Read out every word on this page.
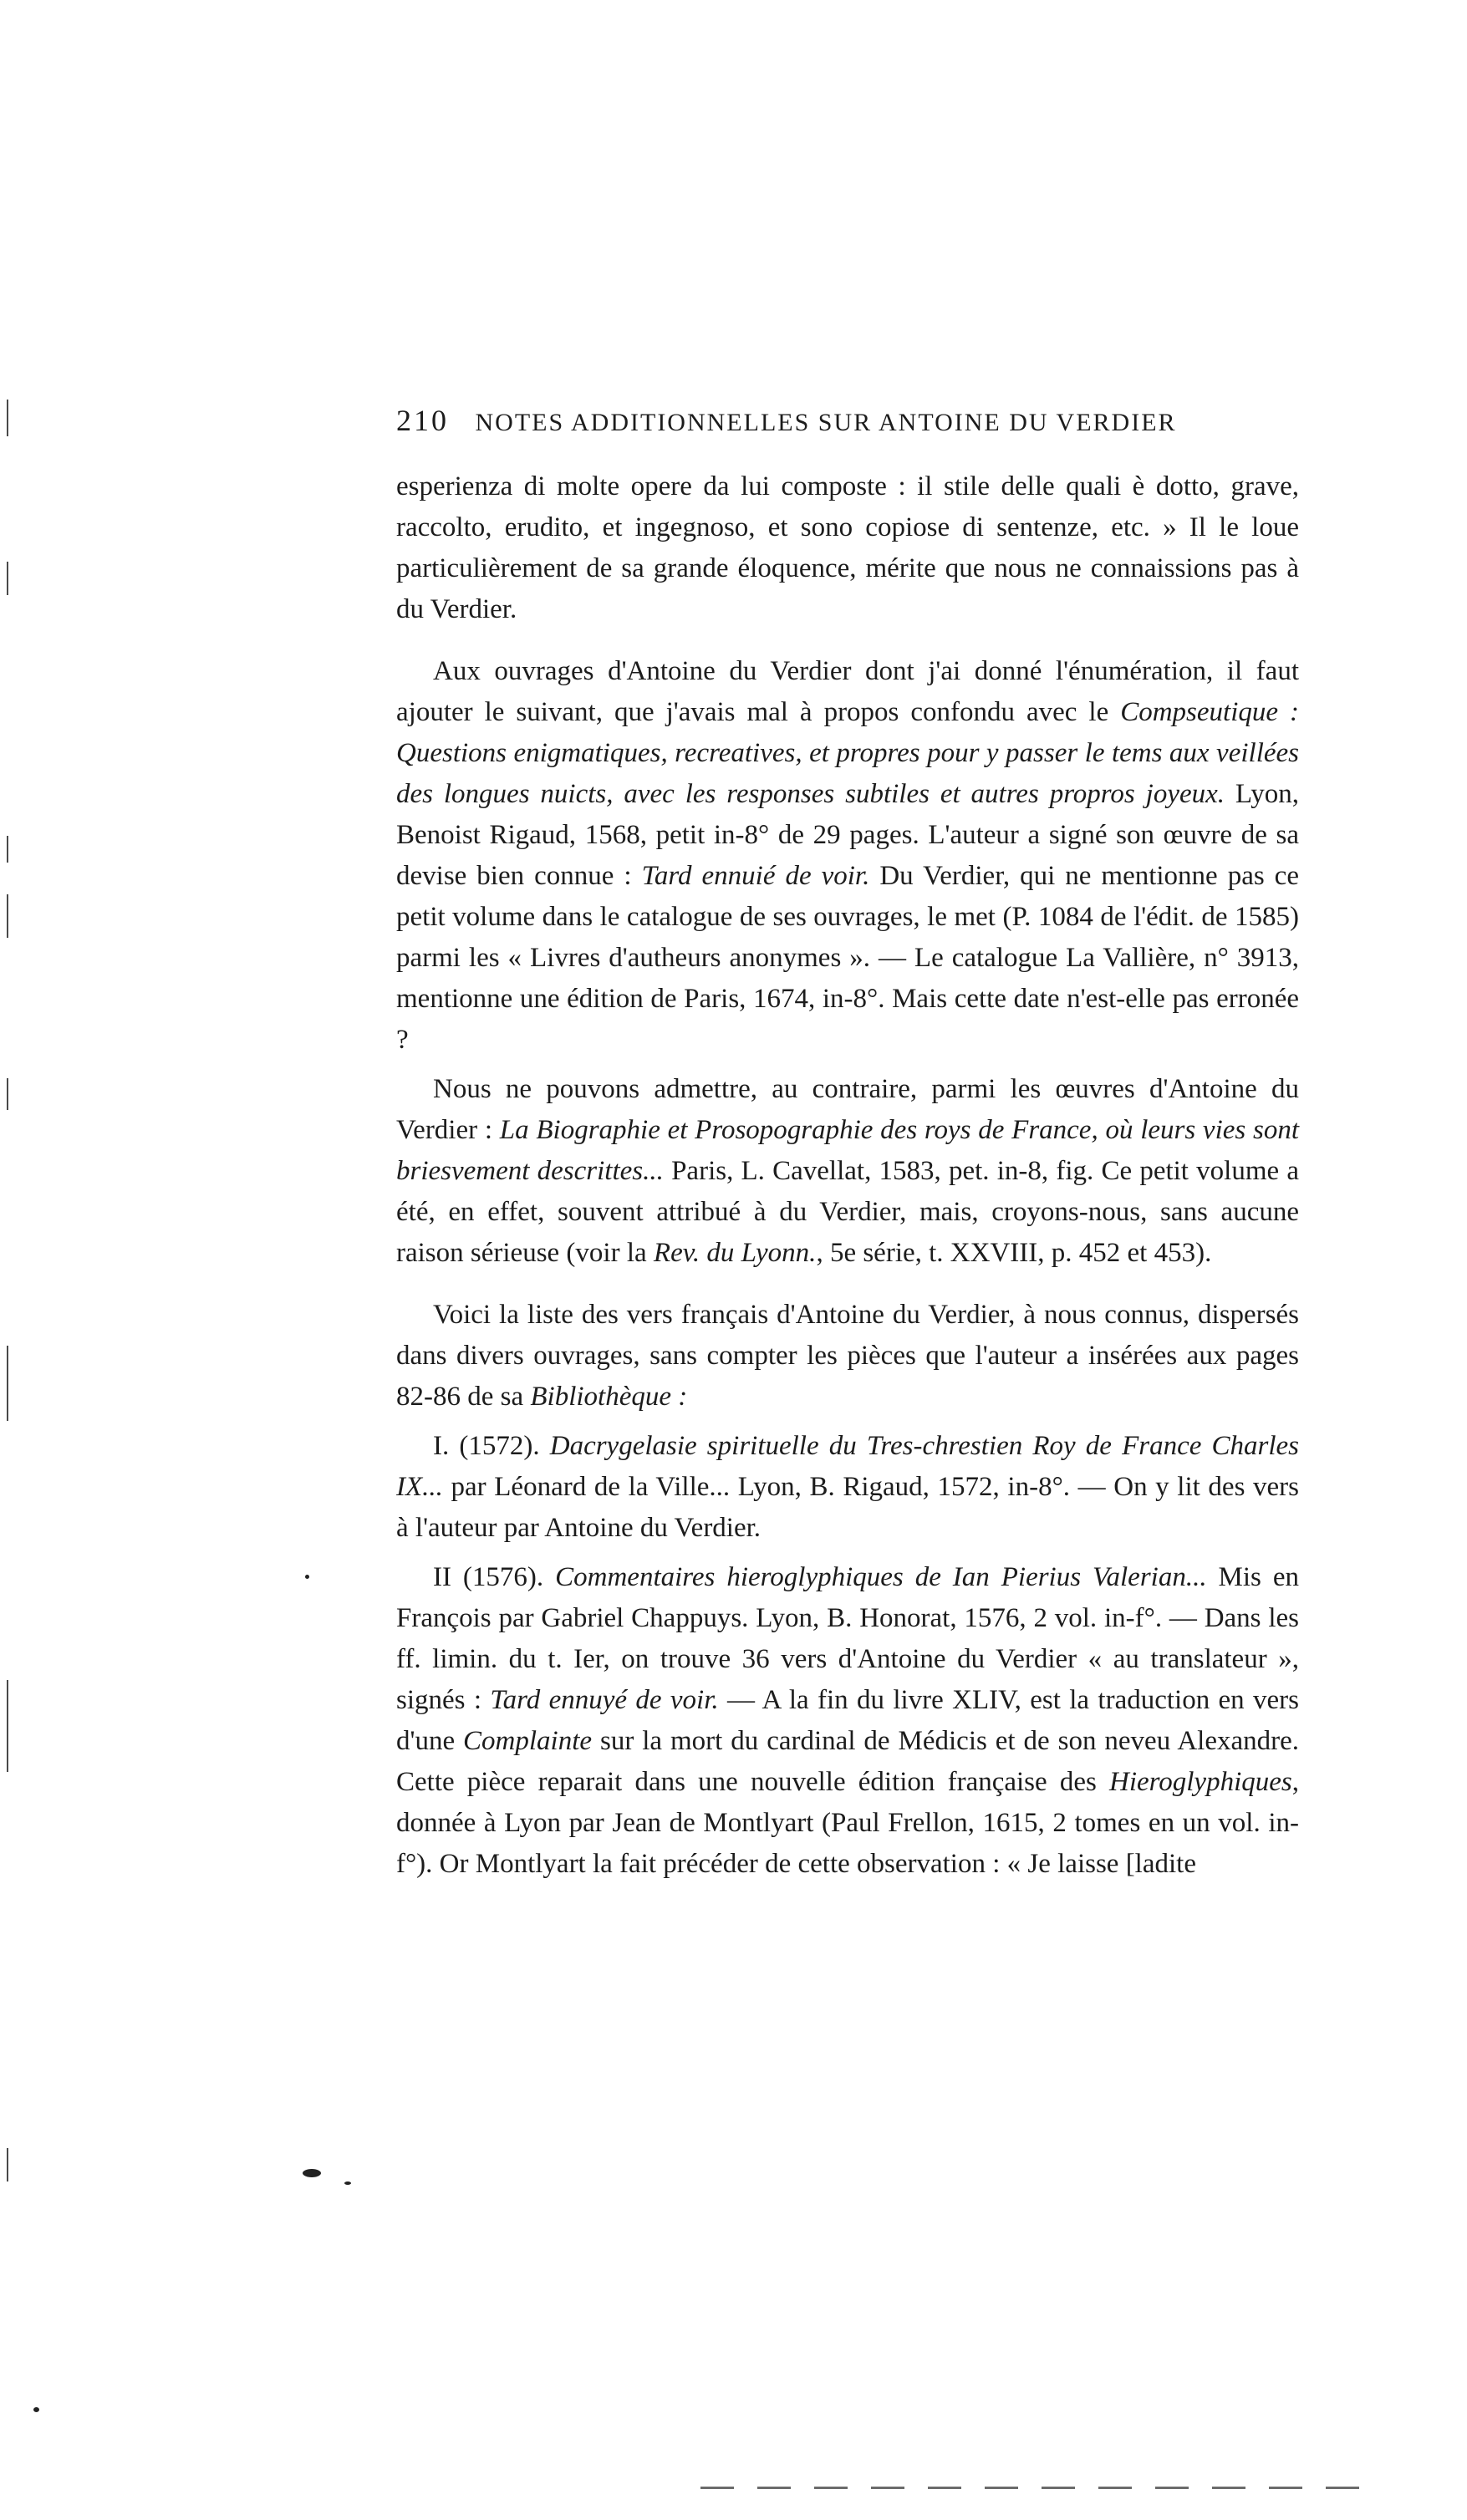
210 NOTES ADDITIONNELLES SUR ANTOINE DU VERDIER

esperienza di molte opere da lui composte : il stile delle quali è dotto, grave, raccolto, erudito, et ingegnoso, et sono copiose di sentenze, etc. » Il le loue particulièrement de sa grande éloquence, mérite que nous ne connaissions pas à du Verdier.

Aux ouvrages d'Antoine du Verdier dont j'ai donné l'énumération, il faut ajouter le suivant, que j'avais mal à propos confondu avec le Compseutique : Questions enigmatiques, recreatives, et propres pour y passer le tems aux veillées des longues nuicts, avec les responses subtiles et autres propros joyeux. Lyon, Benoist Rigaud, 1568, petit in-8° de 29 pages. L'auteur a signé son œuvre de sa devise bien connue : Tard ennuié de voir. Du Verdier, qui ne mentionne pas ce petit volume dans le catalogue de ses ouvrages, le met (P. 1084 de l'édit. de 1585) parmi les « Livres d'autheurs anonymes ». — Le catalogue La Vallière, n° 3913, mentionne une édition de Paris, 1674, in-8°. Mais cette date n'est-elle pas erronée ?

Nous ne pouvons admettre, au contraire, parmi les œuvres d'Antoine du Verdier : La Biographie et Prosopographie des roys de France, où leurs vies sont briesvement descrittes... Paris, L. Cavellat, 1583, pet. in-8, fig. Ce petit volume a été, en effet, souvent attribué à du Verdier, mais, croyons-nous, sans aucune raison sérieuse (voir la Rev. du Lyonn., 5e série, t. XXVIII, p. 452 et 453).

Voici la liste des vers français d'Antoine du Verdier, à nous connus, dispersés dans divers ouvrages, sans compter les pièces que l'auteur a insérées aux pages 82-86 de sa Bibliothèque :

I. (1572). Dacrygelasie spirituelle du Tres-chrestien Roy de France Charles IX... par Léonard de la Ville... Lyon, B. Rigaud, 1572, in-8°. — On y lit des vers à l'auteur par Antoine du Verdier.

II (1576). Commentaires hieroglyphiques de Ian Pierius Valerian... Mis en François par Gabriel Chappuys. Lyon, B. Honorat, 1576, 2 vol. in-f°. — Dans les ff. limin. du t. Ier, on trouve 36 vers d'Antoine du Verdier « au translateur », signés : Tard ennuyé de voir. — A la fin du livre XLIV, est la traduction en vers d'une Complainte sur la mort du cardinal de Médicis et de son neveu Alexandre. Cette pièce reparait dans une nouvelle édition française des Hieroglyphiques, donnée à Lyon par Jean de Montlyart (Paul Frellon, 1615, 2 tomes en un vol. in-f°). Or Montlyart la fait précéder de cette observation : « Je laisse [ladite
